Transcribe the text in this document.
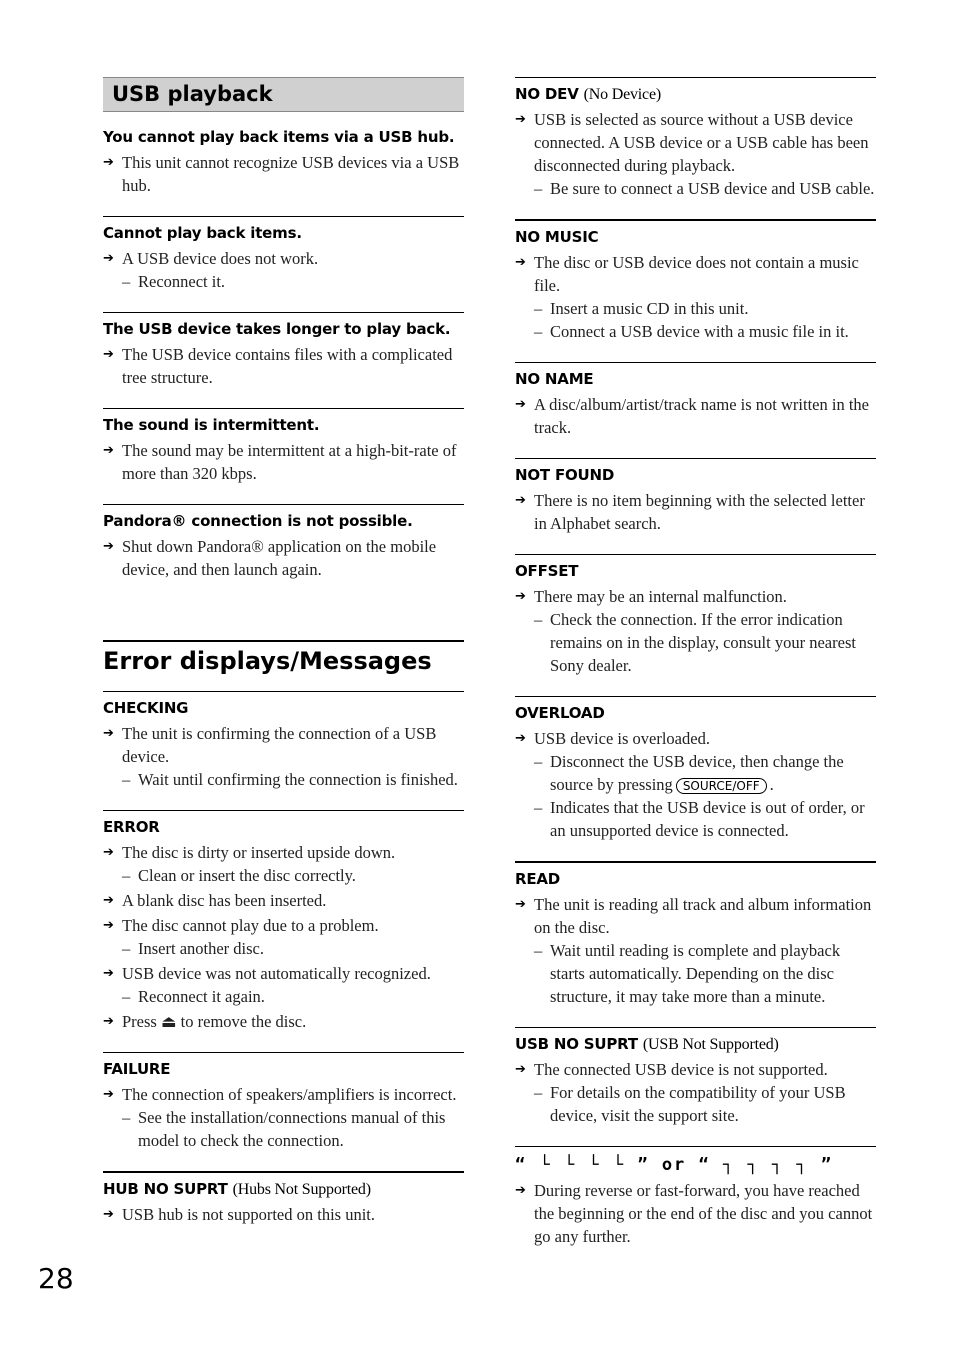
USB playback
You cannot play back items via a USB hub.
➔ This unit cannot recognize USB devices via a USB hub.
Cannot play back items.
➔ A USB device does not work.
– Reconnect it.
The USB device takes longer to play back.
➔ The USB device contains files with a complicated tree structure.
The sound is intermittent.
➔ The sound may be intermittent at a high-bit-rate of more than 320 kbps.
Pandora® connection is not possible.
➔ Shut down Pandora® application on the mobile device, and then launch again.
Error displays/Messages
CHECKING
➔ The unit is confirming the connection of a USB device.
– Wait until confirming the connection is finished.
ERROR
➔ The disc is dirty or inserted upside down.
– Clean or insert the disc correctly.
➔ A blank disc has been inserted.
➔ The disc cannot play due to a problem.
– Insert another disc.
➔ USB device was not automatically recognized.
– Reconnect it again.
➔ Press ⏏ to remove the disc.
FAILURE
➔ The connection of speakers/amplifiers is incorrect.
– See the installation/connections manual of this model to check the connection.
HUB NO SUPRT (Hubs Not Supported)
➔ USB hub is not supported on this unit.
NO DEV (No Device)
➔ USB is selected as source without a USB device connected. A USB device or a USB cable has been disconnected during playback.
– Be sure to connect a USB device and USB cable.
NO MUSIC
➔ The disc or USB device does not contain a music file.
– Insert a music CD in this unit.
– Connect a USB device with a music file in it.
NO NAME
➔ A disc/album/artist/track name is not written in the track.
NOT FOUND
➔ There is no item beginning with the selected letter in Alphabet search.
OFFSET
➔ There may be an internal malfunction.
– Check the connection. If the error indication remains on in the display, consult your nearest Sony dealer.
OVERLOAD
➔ USB device is overloaded.
– Disconnect the USB device, then change the source by pressing SOURCE/OFF .
– Indicates that the USB device is out of order, or an unsupported device is connected.
READ
➔ The unit is reading all track and album information on the disc.
– Wait until reading is complete and playback starts automatically. Depending on the disc structure, it may take more than a minute.
USB NO SUPRT (USB Not Supported)
➔ The connected USB device is not supported.
– For details on the compatibility of your USB device, visit the support site.
“ └ └ └ └ ” or “ ┐ ┐ ┐ ┐ ”
➔ During reverse or fast-forward, you have reached the beginning or the end of the disc and you cannot go any further.
28
